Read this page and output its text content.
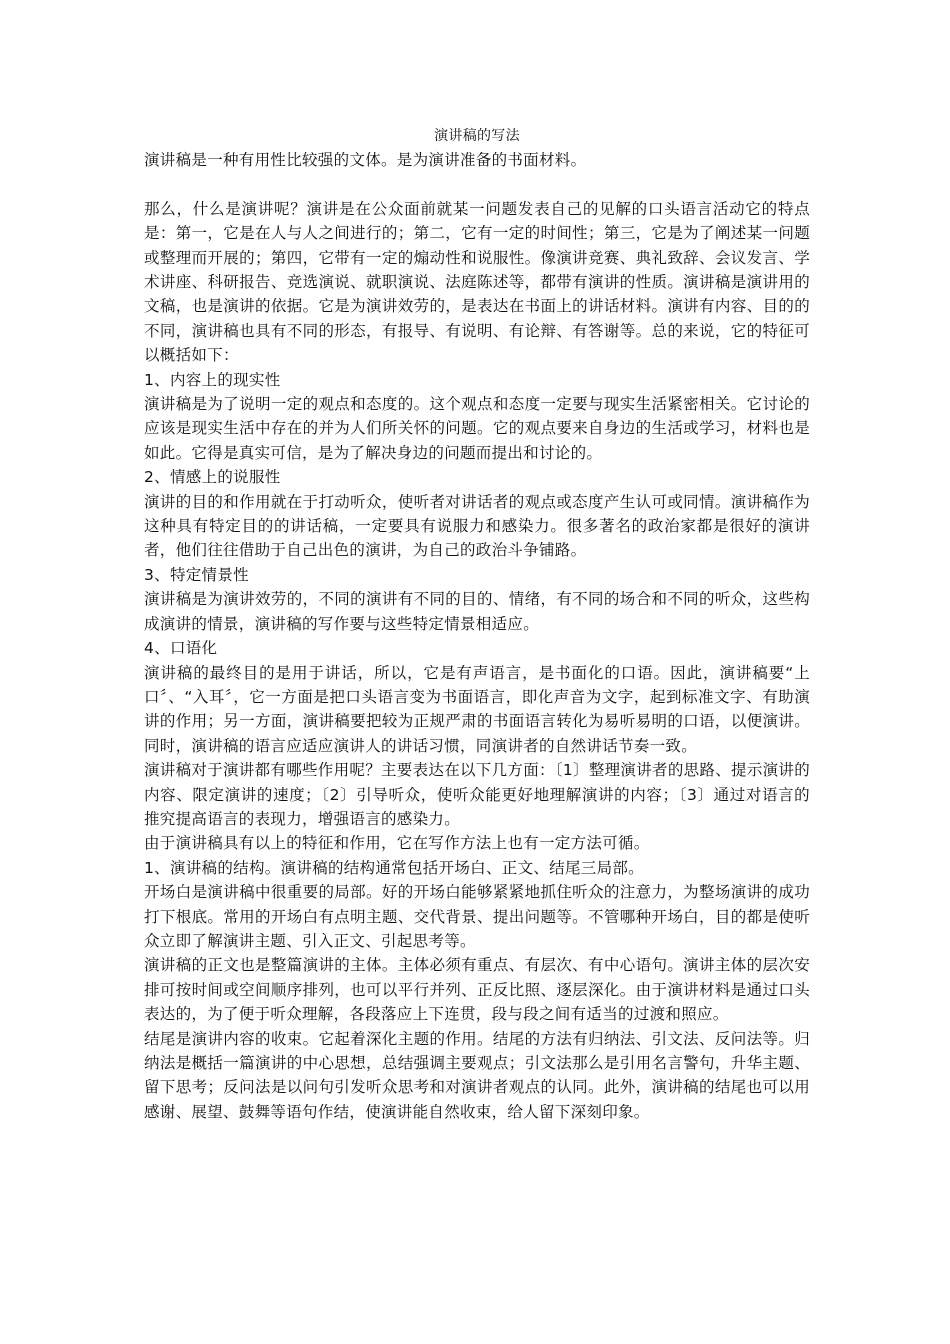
演讲稿的写法

演讲稿是一种有用性比较强的文体。是为演讲准备的书面材料。

那么，什么是演讲呢？演讲是在公众面前就某一问题发表自己的见解的口头语言活动它的特点是：第一，它是在人与人之间进行的；第二，它有一定的时间性；第三，它是为了阐述某一问题或整理而开展的；第四，它带有一定的煽动性和说服性。像演讲竞赛、典礼致辞、会议发言、学术讲座、科研报告、竞选演说、就职演说、法庭陈述等，都带有演讲的性质。演讲稿是演讲用的文稿，也是演讲的依据。它是为演讲效劳的，是表达在书面上的讲话材料。演讲有内容、目的的不同，演讲稿也具有不同的形态，有报导、有说明、有论辩、有答谢等。总的来说，它的特征可以概括如下：

1、内容上的现实性

演讲稿是为了说明一定的观点和态度的。这个观点和态度一定要与现实生活紧密相关。它讨论的应该是现实生活中存在的并为人们所关怀的问题。它的观点要来自身边的生活或学习，材料也是如此。它得是真实可信，是为了解决身边的问题而提出和讨论的。

2、情感上的说服性

演讲的目的和作用就在于打动听众，使听者对讲话者的观点或态度产生认可或同情。演讲稿作为这种具有特定目的的讲话稿，一定要具有说服力和感染力。很多著名的政治家都是很好的演讲者，他们往往借助于自己出色的演讲，为自己的政治斗争铺路。

3、特定情景性

演讲稿是为演讲效劳的，不同的演讲有不同的目的、情绪，有不同的场合和不同的听众，这些构成演讲的情景，演讲稿的写作要与这些特定情景相适应。

4、口语化

演讲稿的最终目的是用于讲话，所以，它是有声语言，是书面化的口语。因此，演讲稿要“上口〞、“入耳〞，它一方面是把口头语言变为书面语言，即化声音为文字，起到标准文字、有助演讲的作用；另一方面，演讲稿要把较为正规严肃的书面语言转化为易听易明的口语，以便演讲。同时，演讲稿的语言应适应演讲人的讲话习惯，同演讲者的自然讲话节奏一致。

演讲稿对于演讲都有哪些作用呢？主要表达在以下几方面：〔1〕整理演讲者的思路、提示演讲的内容、限定演讲的速度；〔2〕引导听众，使听众能更好地理解演讲的内容；〔3〕通过对语言的推究提高语言的表现力，增强语言的感染力。

由于演讲稿具有以上的特征和作用，它在写作方法上也有一定方法可循。

1、演讲稿的结构。演讲稿的结构通常包括开场白、正文、结尾三局部。

开场白是演讲稿中很重要的局部。好的开场白能够紧紧地抓住听众的注意力，为整场演讲的成功打下根底。常用的开场白有点明主题、交代背景、提出问题等。不管哪种开场白，目的都是使听众立即了解演讲主题、引入正文、引起思考等。

演讲稿的正文也是整篇演讲的主体。主体必须有重点、有层次、有中心语句。演讲主体的层次安排可按时间或空间顺序排列，也可以平行并列、正反比照、逐层深化。由于演讲材料是通过口头表达的，为了便于听众理解，各段落应上下连贯，段与段之间有适当的过渡和照应。

结尾是演讲内容的收束。它起着深化主题的作用。结尾的方法有归纳法、引文法、反问法等。归纳法是概括一篇演讲的中心思想，总结强调主要观点；引文法那么是引用名言警句，升华主题、留下思考；反问法是以问句引发听众思考和对演讲者观点的认同。此外，演讲稿的结尾也可以用感谢、展望、鼓舞等语句作结，使演讲能自然收束，给人留下深刻印象。
